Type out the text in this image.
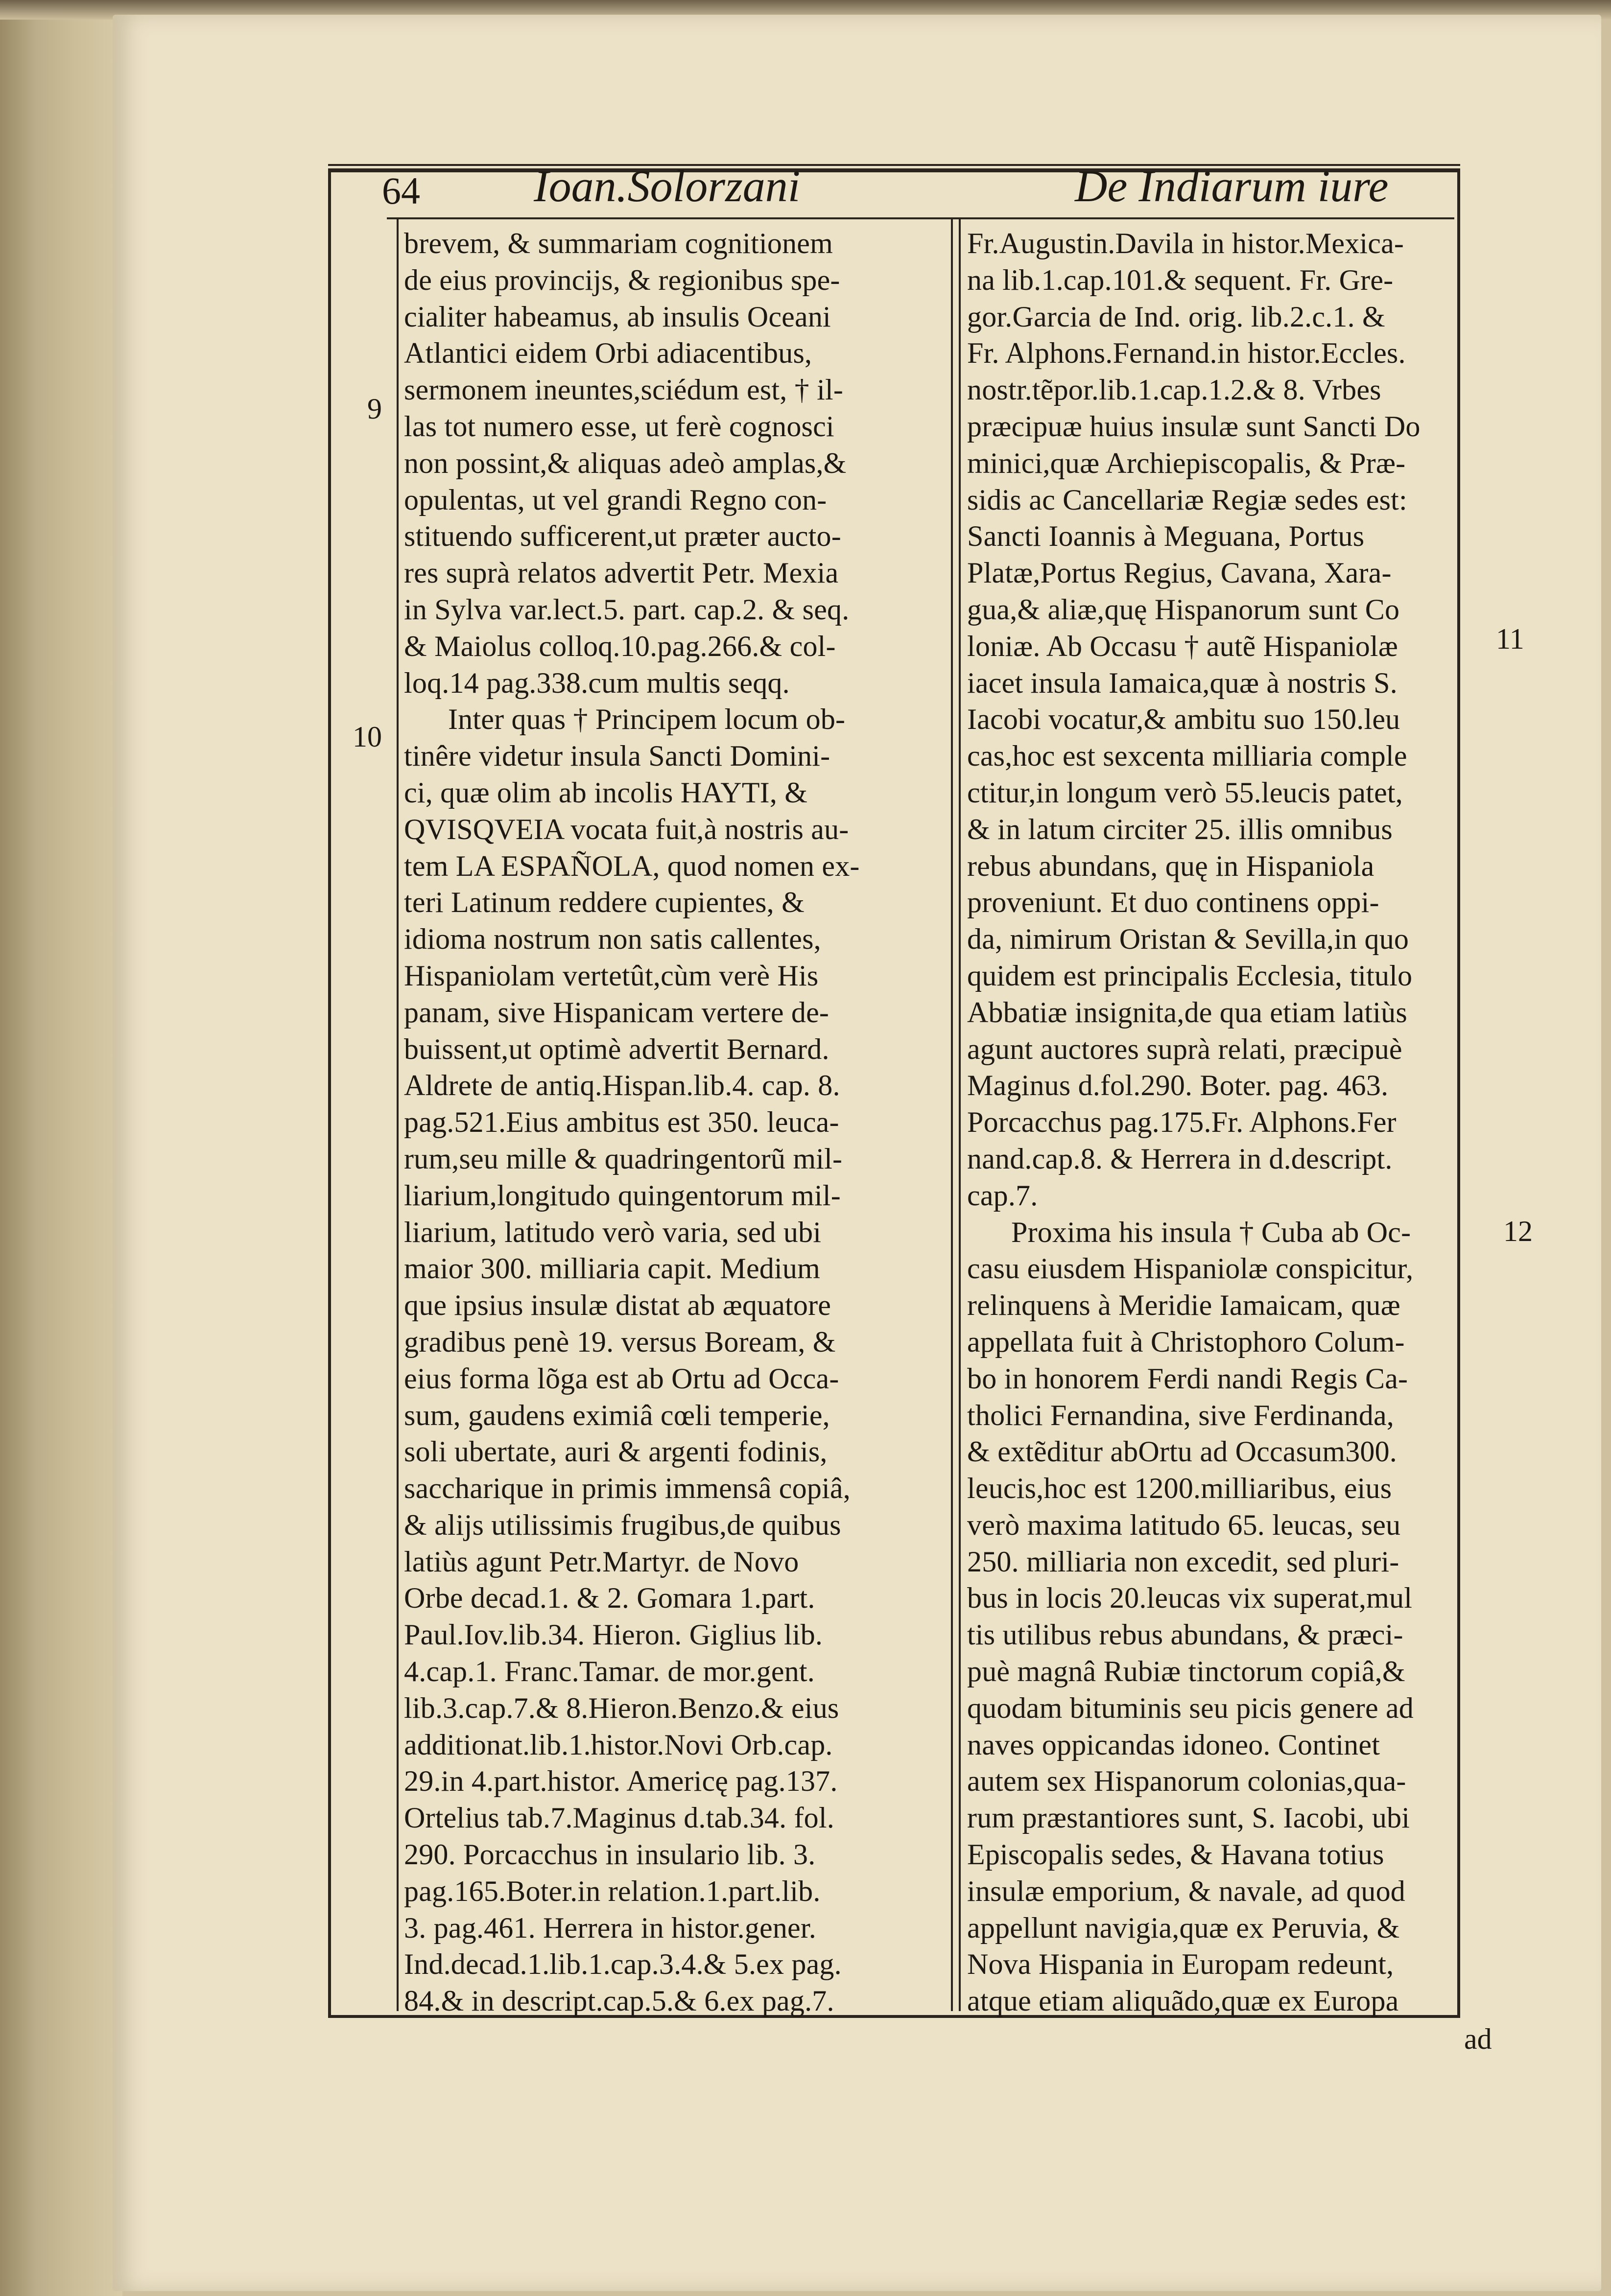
64	Ioan.Solorzani	De Indiarum iure
brevem, & summariam cognitionem
de eius provincijs, & regionibus spe-
cialiter habeamus, ab insulis Oceani
Atlantici eidem Orbi adiacentibus,
sermonem ineuntes,sciédum est, † il-
las tot numero esse, ut ferè cognosci
non possint,& aliquas adeò amplas,&
opulentas, ut vel grandi Regno con-
stituendo sufficerent,ut præter aucto-
res suprà relatos advertit Petr. Mexia
in Sylva var.lect.5. part. cap.2. & seq.
& Maiolus colloq.10.pag.266.& col-
loq.14 pag.338.cum multis seqq.
Inter quas † Principem locum ob-
tinêre videtur insula Sancti Domini-
ci, quæ olim ab incolis HAYTI, &
QVISQVEIA vocata fuit,à nostris au-
tem LA ESPAÑOLA, quod nomen ex-
teri Latinum reddere cupientes, &
idioma nostrum non satis callentes,
Hispaniolam vertetût,cùm verè His
panam, sive Hispanicam vertere de-
buissent,ut optimè advertit Bernard.
Aldrete de antiq.Hispan.lib.4. cap. 8.
pag.521.Eius ambitus est 350. leuca-
rum,seu mille & quadringentorũ mil-
liarium,longitudo quingentorum mil-
liarium, latitudo verò varia, sed ubi
maior 300. milliaria capit. Medium
que ipsius insulæ distat ab æquatore
gradibus penè 19. versus Boream, &
eius forma lõga est ab Ortu ad Occa-
sum, gaudens eximiâ cœli temperie,
soli ubertate, auri & argenti fodinis,
saccharique in primis immensâ copiâ,
& alijs utilissimis frugibus,de quibus
latiùs agunt Petr.Martyr. de Novo
Orbe decad.1. & 2. Gomara 1.part.
Paul.Iov.lib.34. Hieron. Giglius lib.
4.cap.1. Franc.Tamar. de mor.gent.
lib.3.cap.7.& 8.Hieron.Benzo.& eius
additionat.lib.1.histor.Novi Orb.cap.
29.in 4.part.histor. Americę pag.137.
Ortelius tab.7.Maginus d.tab.34. fol.
290. Porcacchus in insulario lib. 3.
pag.165.Boter.in relation.1.part.lib.
3. pag.461. Herrera in histor.gener.
Ind.decad.1.lib.1.cap.3.4.& 5.ex pag.
84.& in descript.cap.5.& 6.ex pag.7.
Fr.Augustin.Davila in histor.Mexica-
na lib.1.cap.101.& sequent. Fr. Gre-
gor.Garcia de Ind. orig. lib.2.c.1. &
Fr. Alphons.Fernand.in histor.Eccles.
nostr.tẽpor.lib.1.cap.1.2.& 8. Vrbes
præcipuæ huius insulæ sunt Sancti Do
minici,quæ Archiepiscopalis, & Præ-
sidis ac Cancellariæ Regiæ sedes est:
Sancti Ioannis à Meguana, Portus
Platæ,Portus Regius, Cavana, Xara-
gua,& aliæ,quę Hispanorum sunt Co
loniæ. Ab Occasu † autẽ Hispaniolæ
iacet insula Iamaica,quæ à nostris S.
Iacobi vocatur,& ambitu suo 150.leu
cas,hoc est sexcenta milliaria comple
ctitur,in longum verò 55.leucis patet,
& in latum circiter 25. illis omnibus
rebus abundans, quę in Hispaniola
proveniunt. Et duo continens oppi-
da, nimirum Oristan & Sevilla,in quo
quidem est principalis Ecclesia, titulo
Abbatiæ insignita,de qua etiam latiùs
agunt auctores suprà relati, præcipuè
Maginus d.fol.290. Boter. pag. 463.
Porcacchus pag.175.Fr. Alphons.Fer
nand.cap.8. & Herrera in d.descript.
cap.7.
Proxima his insula † Cuba ab Oc-
casu eiusdem Hispaniolæ conspicitur,
relinquens à Meridie Iamaicam, quæ
appellata fuit à Christophoro Colum-
bo in honorem Ferdi nandi Regis Ca-
tholici Fernandina, sive Ferdinanda,
& extẽditur abOrtu ad Occasum300.
leucis,hoc est 1200.milliaribus, eius
verò maxima latitudo 65. leucas, seu
250. milliaria non excedit, sed pluri-
bus in locis 20.leucas vix superat,mul
tis utilibus rebus abundans, & præci-
puè magnâ Rubiæ tinctorum copiâ,&
quodam bituminis seu picis genere ad
naves oppicandas idoneo. Continet
autem sex Hispanorum colonias,qua-
rum præstantiores sunt, S. Iacobi, ubi
Episcopalis sedes, & Havana totius
insulæ emporium, & navale, ad quod
appellunt navigia,quæ ex Peruvia, &
Nova Hispania in Europam redeunt,
atque etiam aliquãdo,quæ ex Europa
9
10
11
12
ad
